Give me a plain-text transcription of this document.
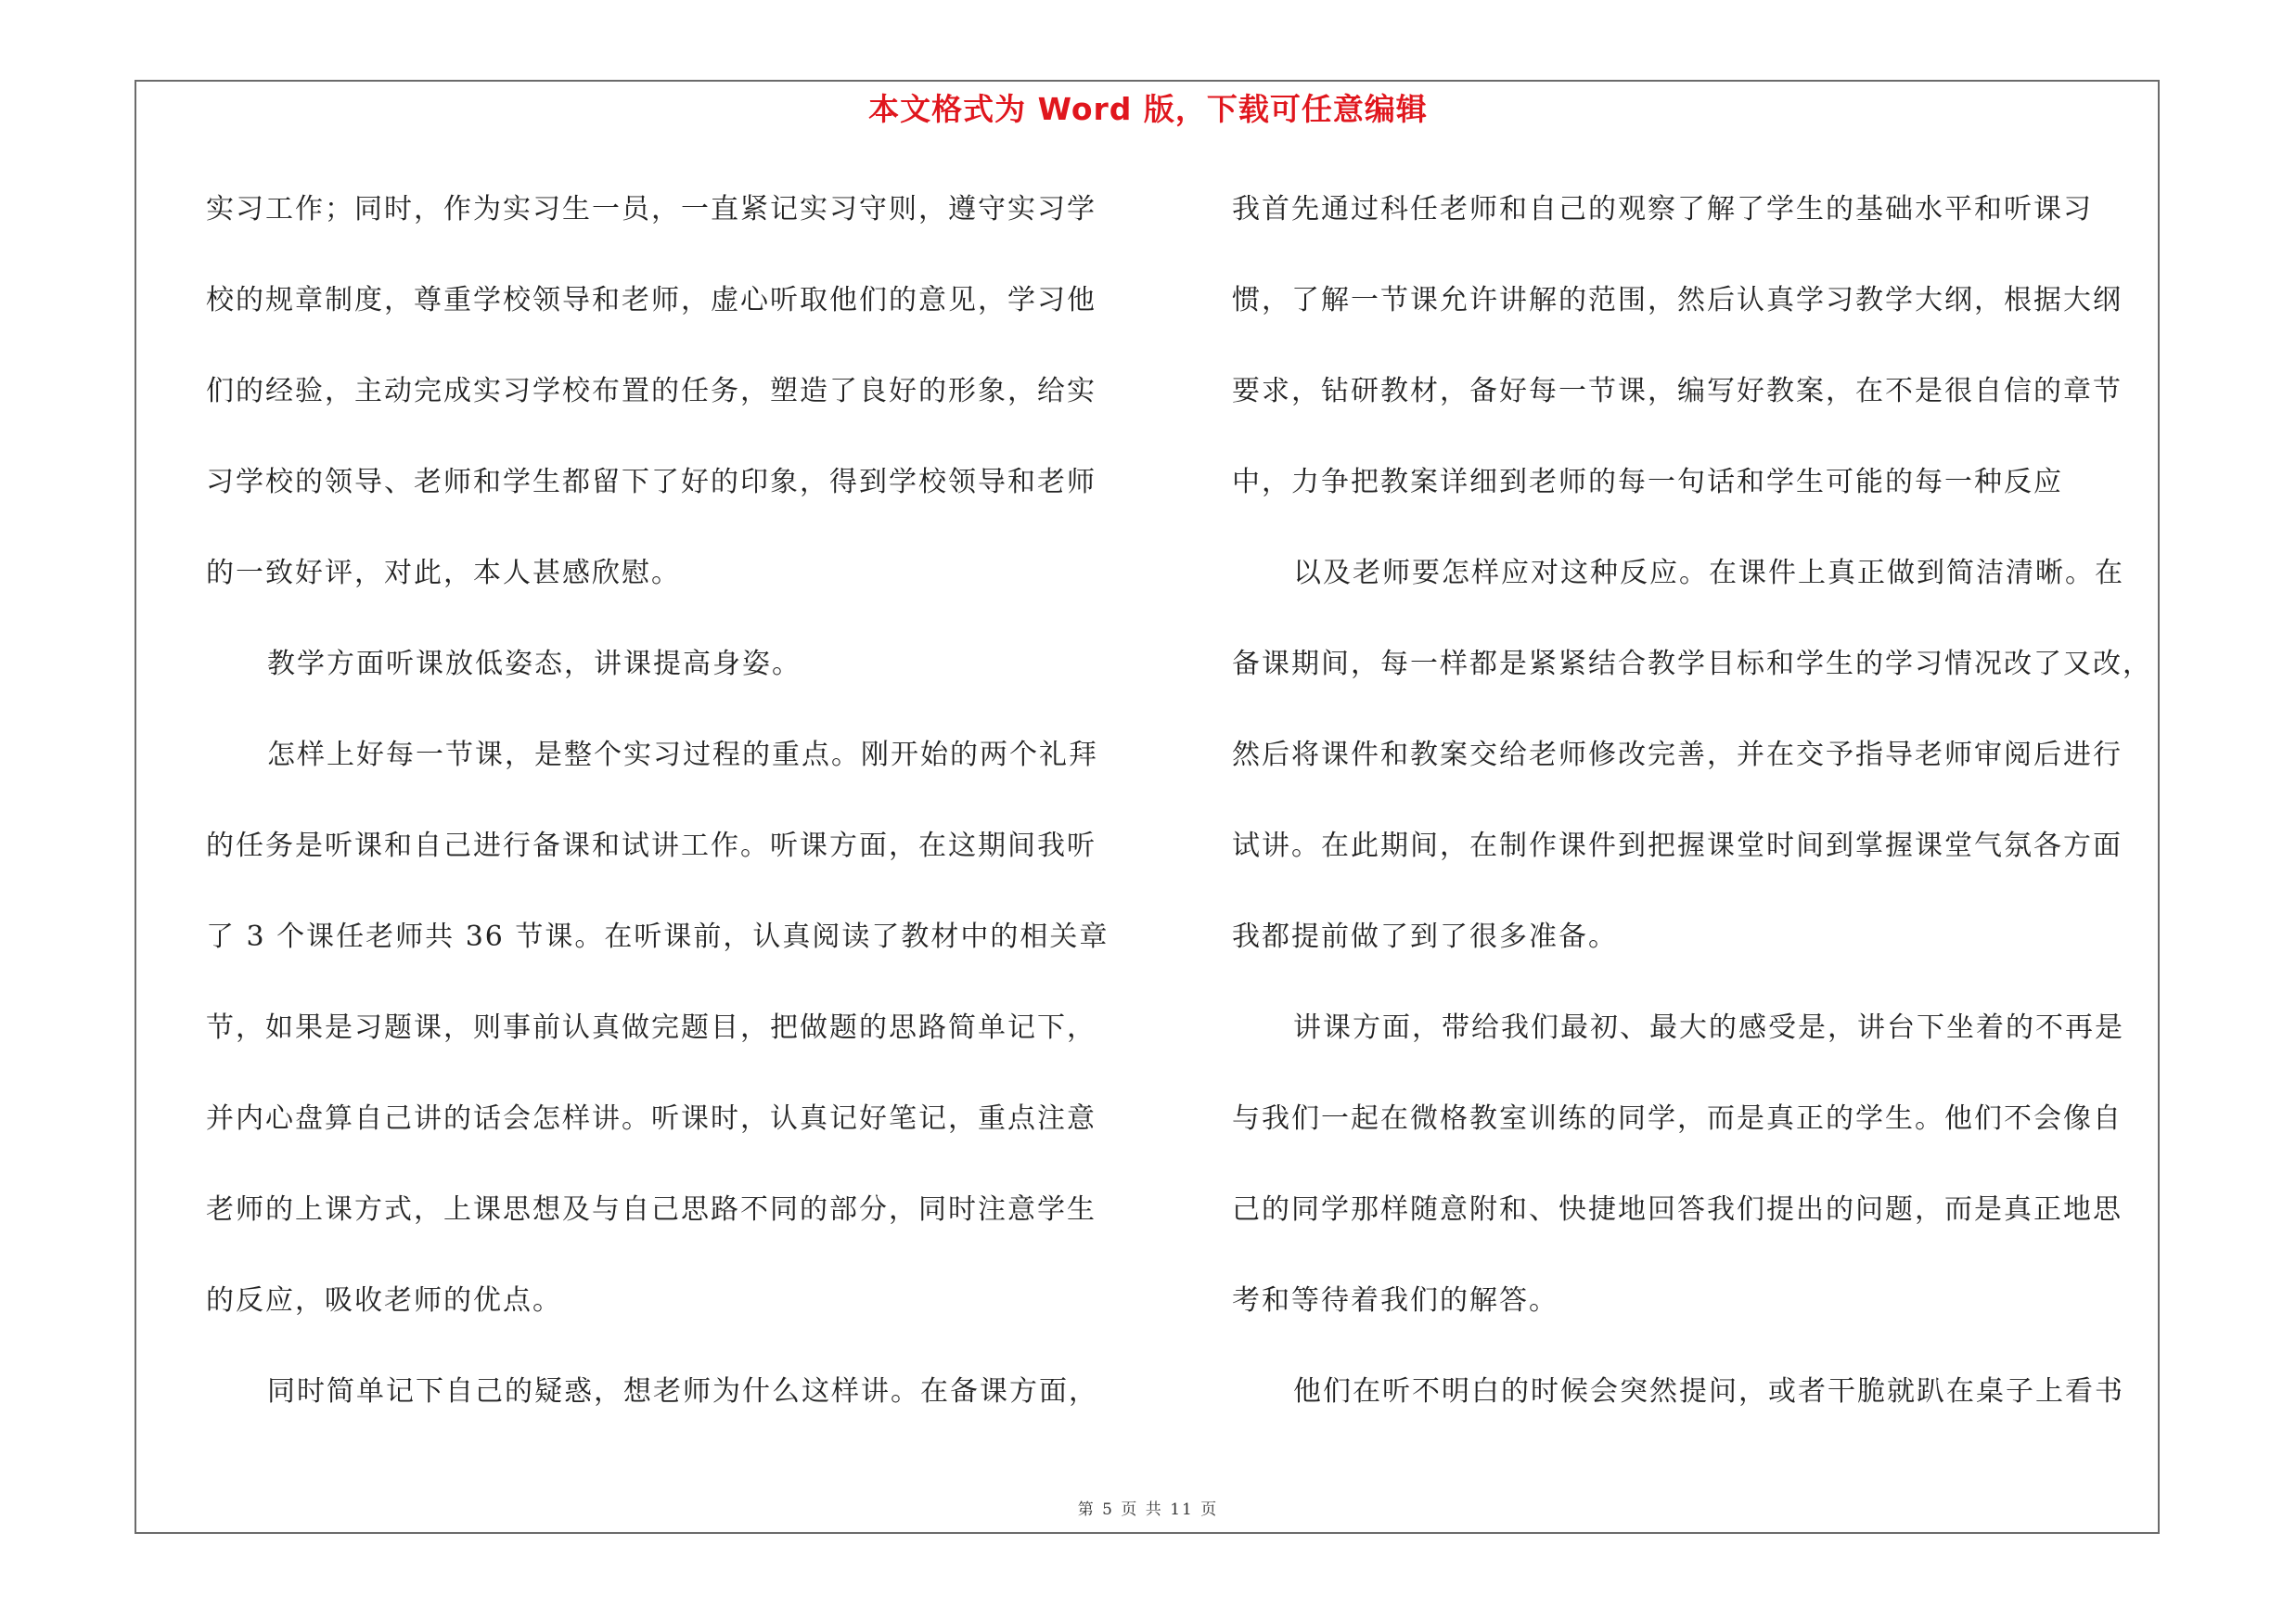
本文格式为 Word 版，下载可任意编辑
实习工作；同时，作为实习生一员，一直紧记实习守则，遵守实习学
校的规章制度，尊重学校领导和老师，虚心听取他们的意见，学习他
们的经验，主动完成实习学校布置的任务，塑造了良好的形象，给实
习学校的领导、老师和学生都留下了好的印象，得到学校领导和老师
的一致好评，对此，本人甚感欣慰。
教学方面听课放低姿态，讲课提高身姿。
怎样上好每一节课，是整个实习过程的重点。刚开始的两个礼拜
的任务是听课和自己进行备课和试讲工作。听课方面，在这期间我听
了 3 个课任老师共 36 节课。在听课前，认真阅读了教材中的相关章
节，如果是习题课，则事前认真做完题目，把做题的思路简单记下，
并内心盘算自己讲的话会怎样讲。听课时，认真记好笔记，重点注意
老师的上课方式，上课思想及与自己思路不同的部分，同时注意学生
的反应，吸收老师的优点。
同时简单记下自己的疑惑，想老师为什么这样讲。在备课方面，
我首先通过科任老师和自己的观察了解了学生的基础水平和听课习
惯，了解一节课允许讲解的范围，然后认真学习教学大纲，根据大纲
要求，钻研教材，备好每一节课，编写好教案，在不是很自信的章节
中，力争把教案详细到老师的每一句话和学生可能的每一种反应
以及老师要怎样应对这种反应。在课件上真正做到简洁清晰。在
备课期间，每一样都是紧紧结合教学目标和学生的学习情况改了又改，
然后将课件和教案交给老师修改完善，并在交予指导老师审阅后进行
试讲。在此期间，在制作课件到把握课堂时间到掌握课堂气氛各方面
我都提前做了到了很多准备。
讲课方面，带给我们最初、最大的感受是，讲台下坐着的不再是
与我们一起在微格教室训练的同学，而是真正的学生。他们不会像自
己的同学那样随意附和、快捷地回答我们提出的问题，而是真正地思
考和等待着我们的解答。
他们在听不明白的时候会突然提问，或者干脆就趴在桌子上看书
第 5 页 共 11 页
